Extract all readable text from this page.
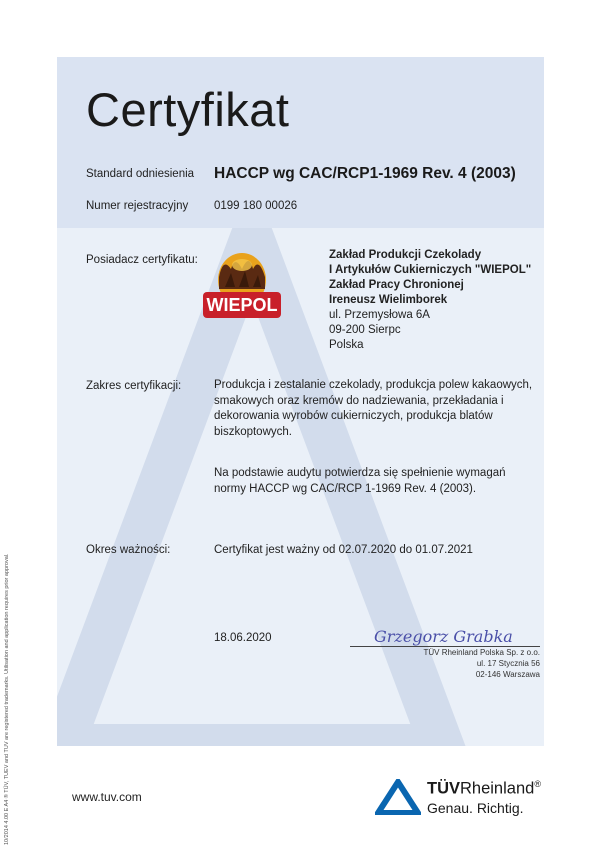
Certyfikat
Standard odniesienia HACCP wg CAC/RCP1-1969 Rev. 4 (2003)
Numer rejestracyjny 0199 180 00026
Posiadacz certyfikatu:
WIEPOL
Zakład Produkcji Czekolady
I Artykułów Cukierniczych "WIEPOL"
Zakład Pracy Chronionej
Ireneusz Wielimborek
ul. Przemysłowa 6A
09-200 Sierpc
Polska
Zakres certyfikacji:	Produkcja i zestalanie czekolady, produkcja polew kakaowych, smakowych oraz kremów do nadziewania, przekładania i dekorowania wyrobów cukierniczych, produkcja blatów biszkoptowych.
Na podstawie audytu potwierdza się spełnienie wymagań normy HACCP wg CAC/RCP 1-1969 Rev. 4 (2003).
Okres ważności:	Certyfikat jest ważny od 02.07.2020 do 01.07.2021
18.06.2020	Grzegorz Grabka
TÜV Rheinland Polska Sp. z o.o.
ul. 17 Stycznia 56
02-146 Warszawa
www.tuv.com	TÜVRheinland®
Genau. Richtig.
10/2014 4.00 E A4 ® TÜV, TUEV and TUV are registered trademarks. Utilisation and application requires prior approval.
